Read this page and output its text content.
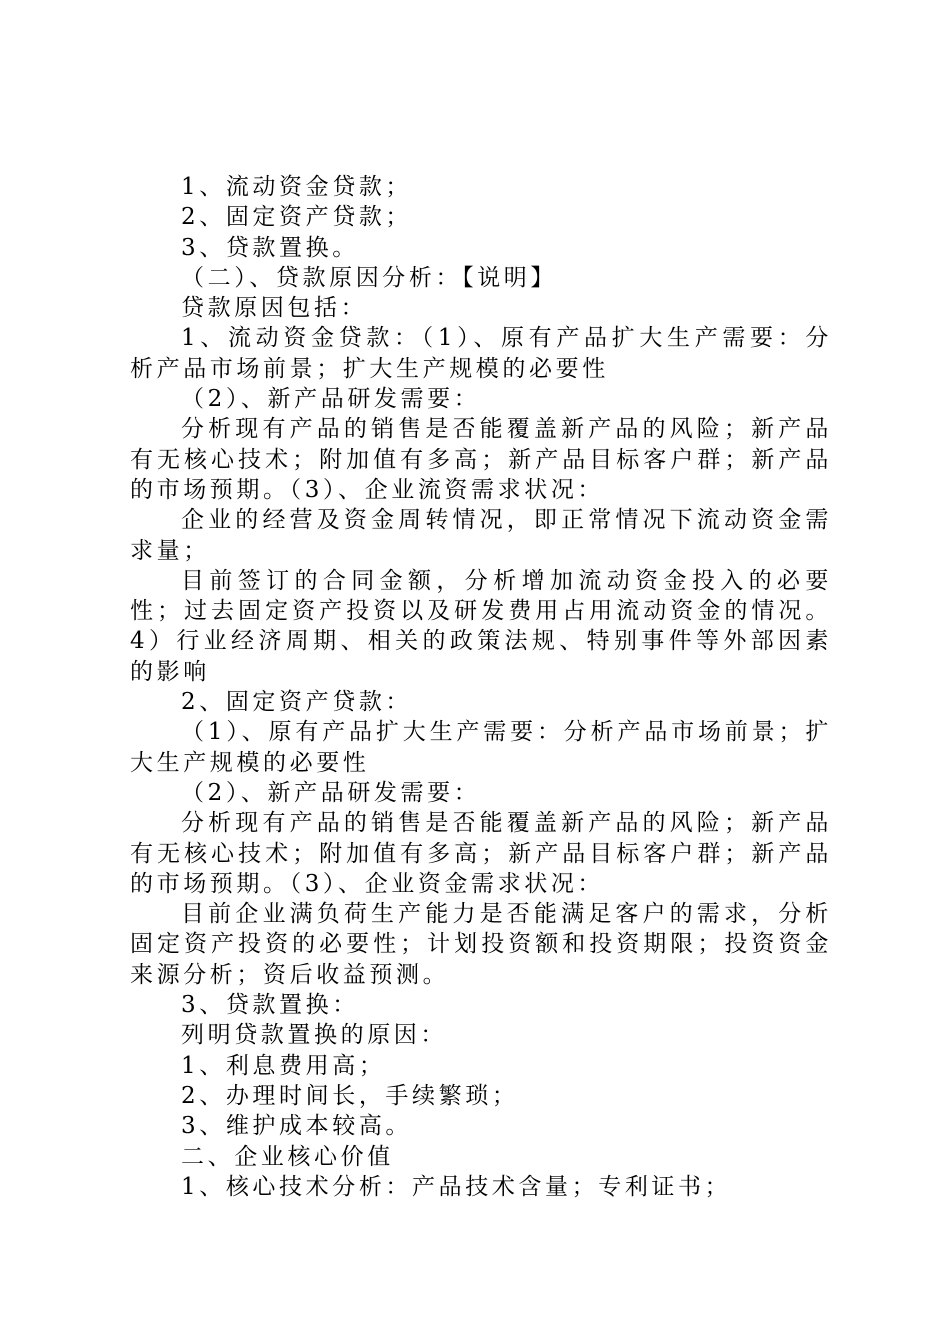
1、流动资金贷款；

2、固定资产贷款；

3、贷款置换。

（二）、贷款原因分析：【说明】

贷款原因包括：

1、流动资金贷款：（1）、原有产品扩大生产需要：分析产品市场前景；扩大生产规模的必要性

（2）、新产品研发需要：

分析现有产品的销售是否能覆盖新产品的风险；新产品有无核心技术；附加值有多高；新产品目标客户群；新产品的市场预期。（3）、企业流资需求状况：

企业的经营及资金周转情况，即正常情况下流动资金需求量；

目前签订的合同金额，分析增加流动资金投入的必要性；过去固定资产投资以及研发费用占用流动资金的情况。4）行业经济周期、相关的政策法规、特别事件等外部因素的影响

2、固定资产贷款：

（1）、原有产品扩大生产需要：分析产品市场前景；扩大生产规模的必要性

（2）、新产品研发需要：

分析现有产品的销售是否能覆盖新产品的风险；新产品有无核心技术；附加值有多高；新产品目标客户群；新产品的市场预期。（3）、企业资金需求状况：

目前企业满负荷生产能力是否能满足客户的需求，分析固定资产投资的必要性；计划投资额和投资期限；投资资金来源分析；资后收益预测。

3、贷款置换：

列明贷款置换的原因：

1、利息费用高；

2、办理时间长，手续繁琐；

3、维护成本较高。

二、企业核心价值

1、核心技术分析：产品技术含量；专利证书；
